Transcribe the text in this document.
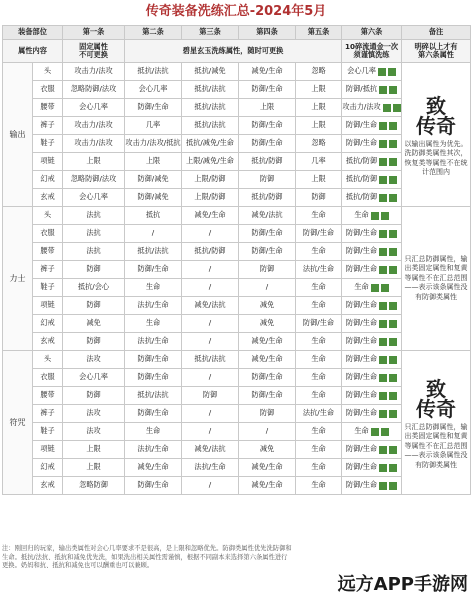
传奇装备洗练汇总-2024年5月
装备部位		第一条	第二条	第三条	第四条	第五条	第六条	备注
属性内容		固定属性
不可更换	碧星玄玉洗练属性，随时可更换				10碎流通金一次
须谨慎洗练	明碎以上才有
第六条属性
输出	头	攻击力/法攻	抵抗/法抗	抵抗/减免	减免/生命	忽略	会心几率	致
传奇
以输出属性为优先。洗防御类属性其次，恢复类等属性不在统计范围内

	衣服	忽略防御/法攻	会心几率	抵抗/法抗	防御/生命	上限	防御/抵抗	

	腰带	会心几率	防御/生命	抵抗/法抗	上限	上限	攻击力/法攻	

	裤子	攻击力/法攻	几率	抵抗/法抗	防御/生命	上限	防御/生命	

	鞋子	攻击力/法攻	攻击力/法攻/抵抗	抵抗/减免/生命	防御/生命	忽略	防御/生命	

	项链	上限	上限	上限/减免/生命	抵抗/防御	几率	抵抗/防御	

	幻戒	忽略防御/法攻	防御/减免	上限/防御	防御	上限	抵抗/防御	

	玄戒	会心几率	防御/减免	上限/防御	抵抗/防御	防御	抵抗/防御	

力士	头	法抗	抵抗	减免/生命	减免/法抗	生命	生命	只汇总防御属性，输出类固定属性和复黄等属性不在汇总范围
——表示该条属性没有防御类属性

	衣服	法抗	/	/	防御/生命	防御/生命	防御/生命	

	腰带	法抗	抵抗/法抗	抵抗/防御	防御/生命	生命	防御/生命	

	裤子	防御	防御/生命	/	防御	法抗/生命	防御/生命	

	鞋子	抵抗/会心	生命	/	/	生命	生命	

	项链	防御	法抗/生命	减免/法抗	减免	生命	防御/生命	

	幻戒	减免	生命	/	减免	防御/生命	防御/生命	

	玄戒	防御	法抗/生命	/	减免/生命	生命	防御/生命	

符咒	头	法攻	防御/生命	抵抗/法抗	减免/生命	生命	防御/生命	致
传奇
只汇总防御属性，输出类固定属性和复黄等属性不在汇总范围
——表示该条属性没有防御类属性

	衣服	会心几率	防御/生命	/	防御/生命	生命	防御/生命	

	腰带	防御	抵抗/法抗	防御	防御/生命	生命	防御/生命	

	裤子	法攻	防御/生命	/	防御	法抗/生命	防御/生命	

	鞋子	法攻	生命	/	/	生命	生命	

	项链	上限	法抗/生命	减免/法抗	减免	生命	防御/生命	

	幻戒	上限	减免/生命	法抗/生命	减免/生命	生命	防御/生命	

	玄戒	忽略防御	防御/生命	/	减免/生命	生命	防御/生命	
注：刚回归的玩家，输出类属性对会心几率要求不是很高，是上限和忽略优先。防御类属性优先洗防御和生命。抵抗/法抗、抵抗和减免优先洗，如果洗出相关属性需谨慎，根据不同副本来选择第六条属性进行更换。奶妈和抗、抵抗和减免也可以酬重也可以兼顾。
远方APP手游网
